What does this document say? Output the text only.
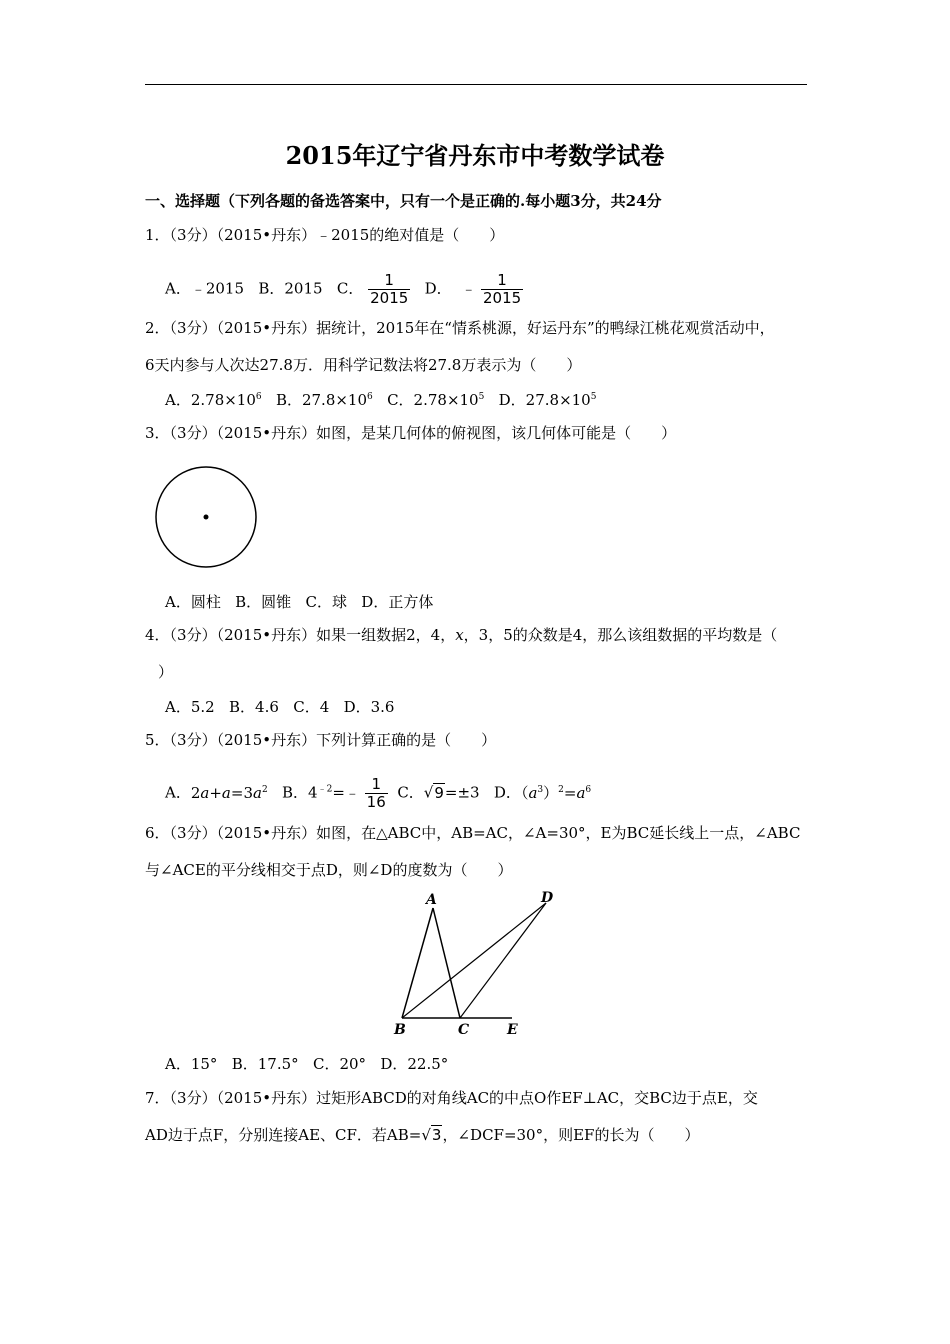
2015年辽宁省丹东市中考数学试卷
一、选择题（下列各题的备选答案中，只有一个是正确的.每小题3分，共24分
1．（3分）（2015•丹东）﹣2015的绝对值是（　　）
A．﹣2015 B．2015 C． $\frac{1}{2015}$ D． ﹣ $\frac{1}{2015}$
2．（3分）（2015•丹东）据统计，2015年在“情系桃源，好运丹东”的鸭绿江桃花观赏活动中，
6天内参与人次达27.8万．用科学记数法将27.8万表示为（　　）
A．$2.78\times 10^6$ B．$27.8\times 10^6$ C．$2.78\times 10^5$ D．$27.8\times 10^5$
3．（3分）（2015•丹东）如图，是某几何体的俯视图，该几何体可能是（　　）
A．圆柱 B．圆锥 C．球 D．正方体
4．（3分）（2015•丹东）如果一组数据2，4，x，3，5的众数是4，那么该组数据的平均数是（
）
A．5.2 B．4.6 C．4 D．3.6
5．（3分）（2015•丹东）下列计算正确的是（　　）
A．$2a+a=3a^2$ B．$4^{﹣2}=﹣ \frac{1}{16}$ C．√9=±3 D．$(a^3)^2=a^6$
6．（3分）（2015•丹东）如图，在△ABC中，AB=AC，∠A=30°，E为BC延长线上一点，∠ABC
与∠ACE的平分线相交于点D，则∠D的度数为（　　）
A	D
B	C	E
A．15° B．17.5° C．20° D．22.5°
7．（3分）（2015•丹东）过矩形ABCD的对角线AC的中点O作EF⊥AC，交BC边于点E，交
AD边于点F，分别连接AE、CF．若AB=√3，∠DCF=30°，则EF的长为（　　）
